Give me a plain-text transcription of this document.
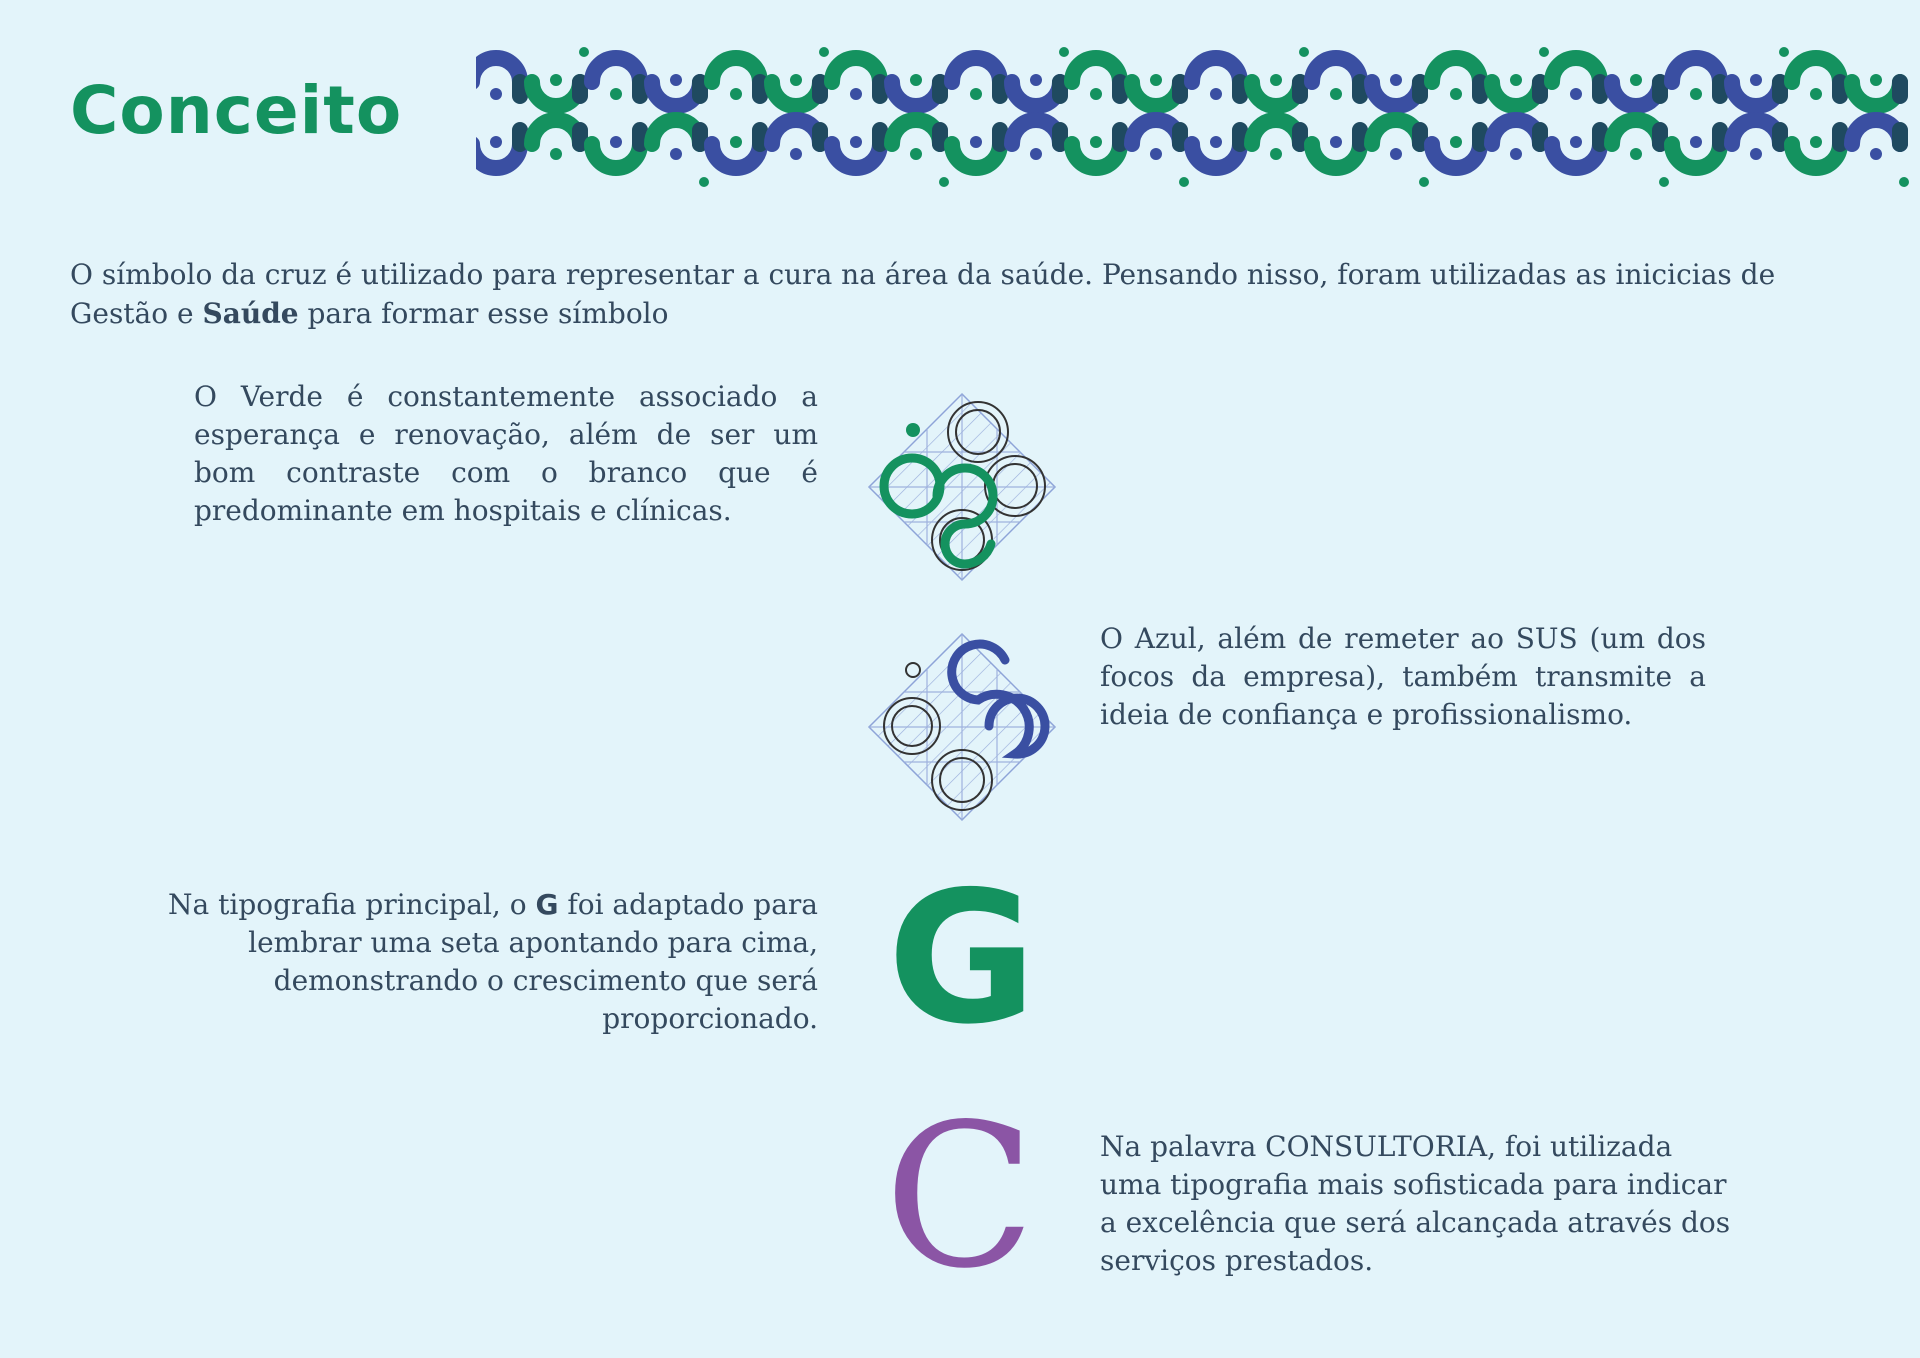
Conceito

O símbolo da cruz é utilizado para representar a cura na área da saúde. Pensando nisso, foram utilizadas as inicicias de Gestão e Saúde para formar esse símbolo

O Verde é constantemente associado a esperança e renovação, além de ser um bom contraste com o branco que é predominante em hospitais e clínicas.

O Azul, além de remeter ao SUS (um dos focos da empresa), também transmite a ideia de confiança e profissionalismo.

Na tipografia principal, o G foi adaptado para lembrar uma seta apontando para cima, demonstrando o crescimento que será proporcionado. G
C Na palavra CONSULTORIA, foi utilizada uma tipografia mais sofisticada para indicar a excelência que será alcançada através dos serviços prestados.
